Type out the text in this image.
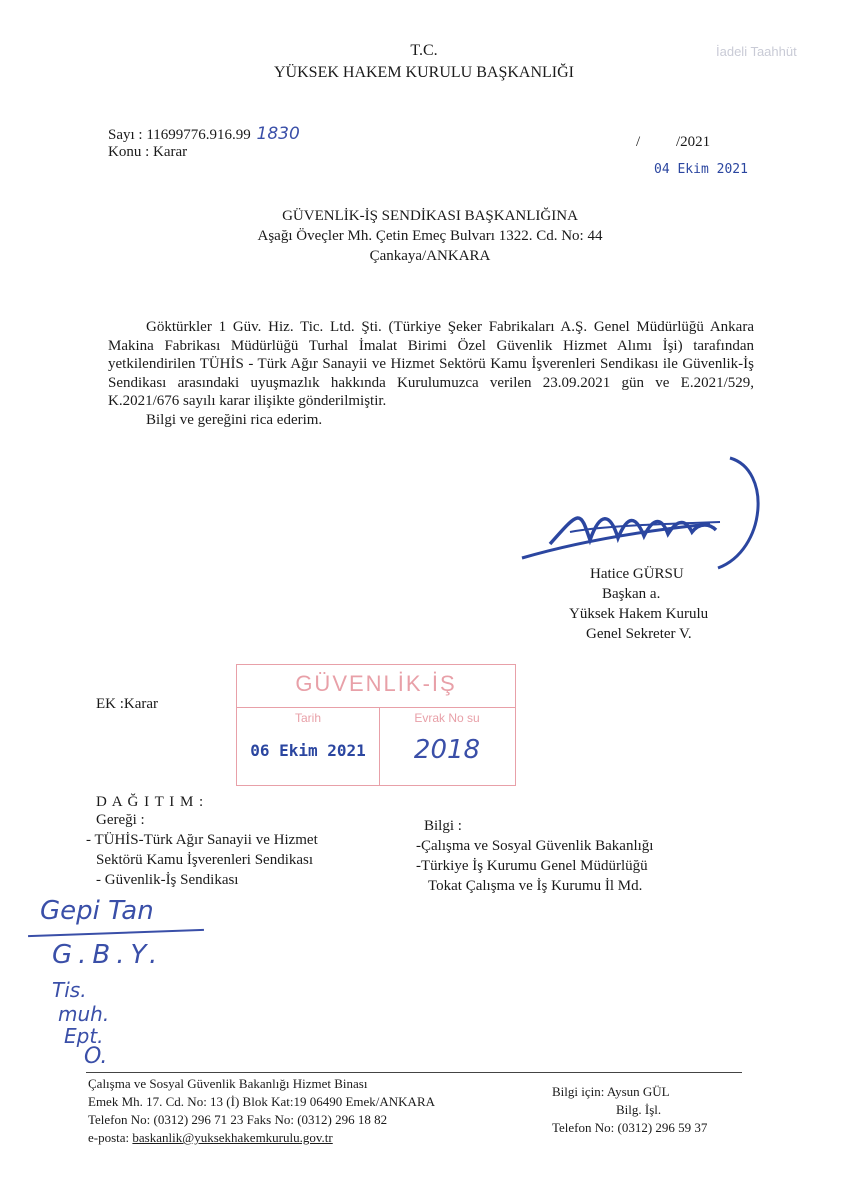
T.C.
YÜKSEK HAKEM KURULU BAŞKANLIĞI
İadeli Taahhüt
Sayı : 11699776.916.99 1830
Konu : Karar
/ /2021
04 Ekim 2021
GÜVENLİK-İŞ SENDİKASI BAŞKANLIĞINA
Aşağı Öveçler Mh. Çetin Emeç Bulvarı 1322. Cd. No: 44
Çankaya/ANKARA

Göktürkler 1 Güv. Hiz. Tic. Ltd. Şti. (Türkiye Şeker Fabrikaları A.Ş. Genel Müdürlüğü Ankara Makina Fabrikası Müdürlüğü Turhal İmalat Birimi Özel Güvenlik Hizmet Alımı İşi) tarafından yetkilendirilen TÜHİS - Türk Ağır Sanayii ve Hizmet Sektörü Kamu İşverenleri Sendikası ile Güvenlik-İş Sendikası arasındaki uyuşmazlık hakkında Kurulumuzca verilen 23.09.2021 gün ve E.2021/529, K.2021/676 sayılı karar ilişikte gönderilmiştir.

Bilgi ve gereğini rica ederim.

Hatice GÜRSU
Başkan a.
Yüksek Hakem Kurulu
Genel Sekreter V.
EK :Karar
GÜVENLİK-İŞ
Tarih	Evrak No su
06 Ekim 2021	2018
D A Ğ I T I M :
Gereği :
- TÜHİS-Türk Ağır Sanayii ve Hizmet
Sektörü Kamu İşverenleri Sendikası
- Güvenlik-İş Sendikası
Bilgi :
-Çalışma ve Sosyal Güvenlik Bakanlığı
-Türkiye İş Kurumu Genel Müdürlüğü
Tokat Çalışma ve İş Kurumu İl Md.
Gepi Tan
G.B.Y.
Tis.
muh.
Ept.
O.
Çalışma ve Sosyal Güvenlik Bakanlığı Hizmet Binası
Emek Mh. 17. Cd. No: 13 (İ) Blok Kat:19 06490 Emek/ANKARA
Telefon No: (0312) 296 71 23 Faks No: (0312) 296 18 82
e-posta: baskanlik@yuksekhakemkurulu.gov.tr
Bilgi için: Aysun GÜL
Bilg. İşl.
Telefon No: (0312) 296 59 37
